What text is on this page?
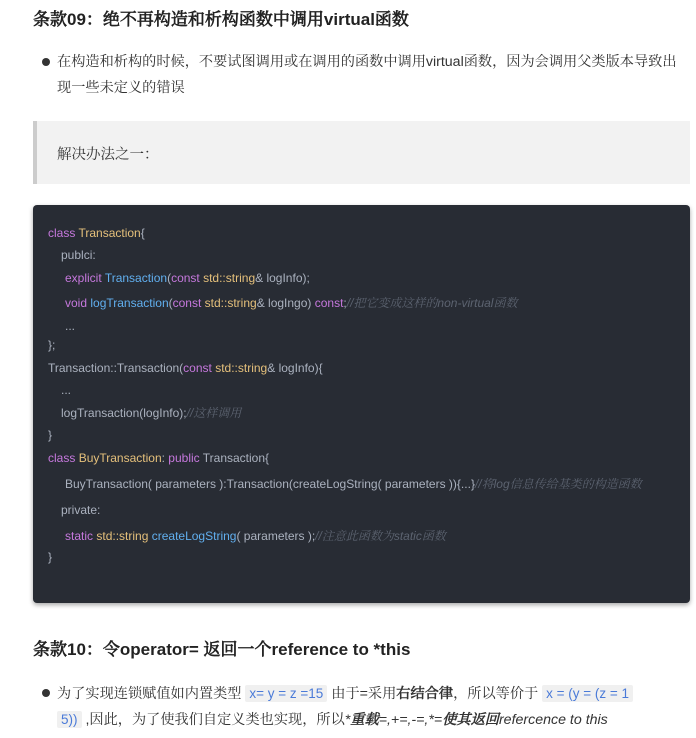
条款09：绝不再构造和析构函数中调用virtual函数

在构造和析构的时候，不要试图调用或在调用的函数中调用virtual函数，因为会调用父类版本导致出现一些未定义的错误

解决办法之一：
class Transaction{
publci:
explicit Transaction(const std::string& logInfo);
void logTransaction(const std::string& logIngo) const;//把它变成这样的non-virtual函数
...
};
Transaction::Transaction(const std::string& logInfo){
...
logTransaction(logInfo);//这样调用
}
class BuyTransaction: public Transaction{
BuyTransaction( parameters ):Transaction(createLogString( parameters )){...}//将log信息传给基类的构造函数
private:
static std::string createLogString( parameters );//注意此函数为static函数
}
条款10：令operator= 返回一个reference to *this

为了实现连锁赋值如内置类型 x= y = z =15 由于=采用右结合律，所以等价于 x = (y = (z = 1
5)) ,因此，为了使我们自定义类也实现，所以*重载=,+=,-=,*=使其返回refercence to this
